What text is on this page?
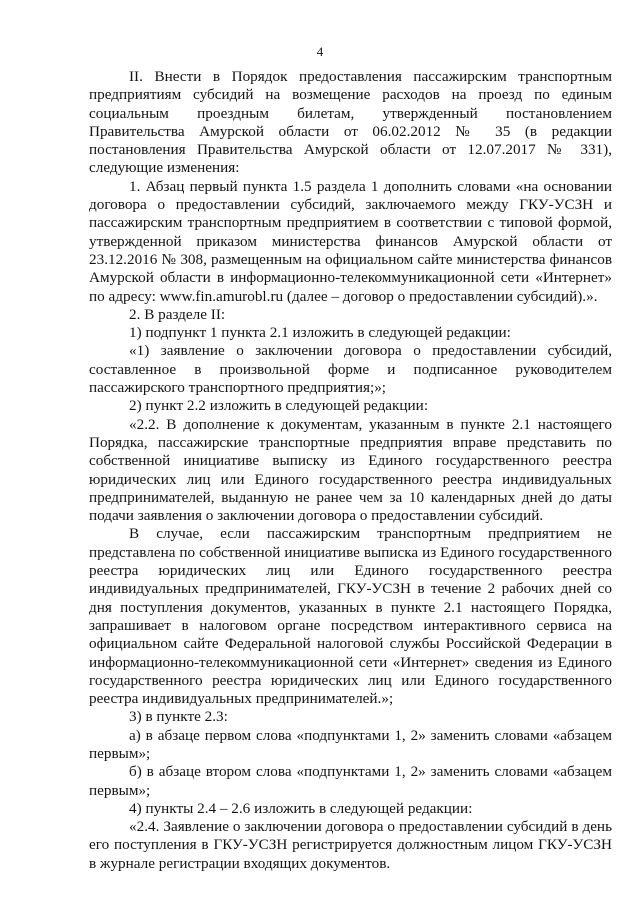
4

II. Внести в Порядок предоставления пассажирским транспортным предприятиям субсидий на возмещение расходов на проезд по единым социальным проездным билетам, утвержденный постановлением Правительства Амурской области от 06.02.2012 № 35 (в редакции постановления Правительства Амурской области от 12.07.2017 № 331), следующие изменения:

1. Абзац первый пункта 1.5 раздела 1 дополнить словами «на основании договора о предоставлении субсидий, заключаемого между ГКУ-УСЗН и пассажирским транспортным предприятием в соответствии с типовой формой, утвержденной приказом министерства финансов Амурской области от 23.12.2016 № 308, размещенным на официальном сайте министерства финансов Амурской области в информационно-телекоммуникационной сети «Интернет» по адресу: www.fin.amurobl.ru (далее – договор о предоставлении субсидий).».

2. В разделе II:

1) подпункт 1 пункта 2.1 изложить в следующей редакции:

«1) заявление о заключении договора о предоставлении субсидий, составленное в произвольной форме и подписанное руководителем пассажирского транспортного предприятия;»;

2) пункт 2.2 изложить в следующей редакции:

«2.2. В дополнение к документам, указанным в пункте 2.1 настоящего Порядка, пассажирские транспортные предприятия вправе представить по собственной инициативе выписку из Единого государственного реестра юридических лиц или Единого государственного реестра индивидуальных предпринимателей, выданную не ранее чем за 10 календарных дней до даты подачи заявления о заключении договора о предоставлении субсидий.

В случае, если пассажирским транспортным предприятием не представлена по собственной инициативе выписка из Единого государственного реестра юридических лиц или Единого государственного реестра индивидуальных предпринимателей, ГКУ-УСЗН в течение 2 рабочих дней со дня поступления документов, указанных в пункте 2.1 настоящего Порядка, запрашивает в налоговом органе посредством интерактивного сервиса на официальном сайте Федеральной налоговой службы Российской Федерации в информационно-телекоммуникационной сети «Интернет» сведения из Единого государственного реестра юридических лиц или Единого государственного реестра индивидуальных предпринимателей.»;

3) в пункте 2.3:

а) в абзаце первом слова «подпунктами 1, 2» заменить словами «абзацем первым»;

б) в абзаце втором слова «подпунктами 1, 2» заменить словами «абзацем первым»;

4) пункты 2.4 – 2.6 изложить в следующей редакции:

«2.4. Заявление о заключении договора о предоставлении субсидий в день его поступления в ГКУ-УСЗН регистрируется должностным лицом ГКУ-УСЗН в журнале регистрации входящих документов.
